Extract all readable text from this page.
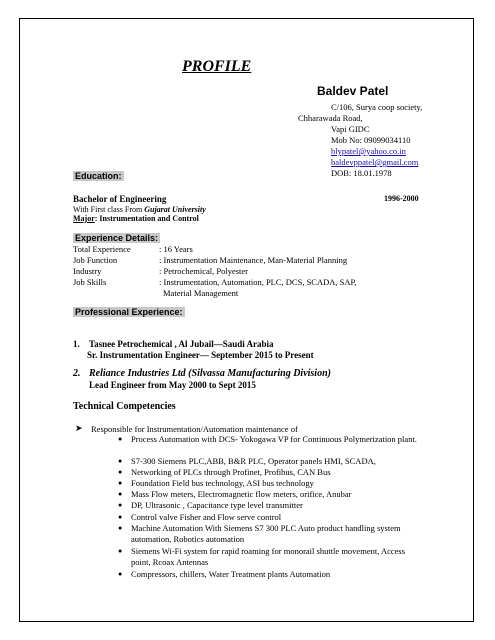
PROFILE
Baldev Patel
C/106, Surya coop society,
Chharawada Road,
Vapi GIDC
Mob No: 09099034110
blypatel@yahoo.co.in
baldevppatel@gmail.com
DOB: 18.01.1978
Education:
Bachelor of Engineering	1996-2000
With First class From Gujarat University
Major: Instrumentation and Control
Experience Details:
Total Experience	: 16 Years
Job Function	: Instrumentation Maintenance, Man-Material Planning
Industry	: Petrochemical, Polyester
Job Skills	: Instrumentation, Automation, PLC, DCS, SCADA, SAP,
Material Management
Professional Experience:
1. Tasnee Petrochemical , Al Jubail—Saudi Arabia
Sr. Instrumentation Engineer— September 2015 to Present
2. Reliance Industries Ltd (Silvassa Manufacturing Division)
Lead Engineer from May 2000 to Sept 2015
Technical Competencies
➤ Responsible for Instrumentation/Automation maintenance of
● Process Automation with DCS- Yokogawa VP for Continuous Polymerization plant.
● S7-300 Siemens PLC,ABB, B&R PLC, Operator panels HMI, SCADA,
● Networking of PLCs through Profinet, Profibus, CAN Bus
● Foundation Field bus technology, ASI bus technology
● Mass Flow meters, Electromagnetic flow meters, orifice, Anubar
● DP, Ultrasonic , Capacitance type level transmitter
● Control valve Fisher and Flow serve control
● Machine Automation With Siemens S7 300 PLC Auto product handling system automation, Robotics automation
● Siemens Wi-Fi system for rapid roaming for monorail shuttle movement, Access point, Rcoax Antennas
● Compressors, chillers, Water Treatment plants Automation
